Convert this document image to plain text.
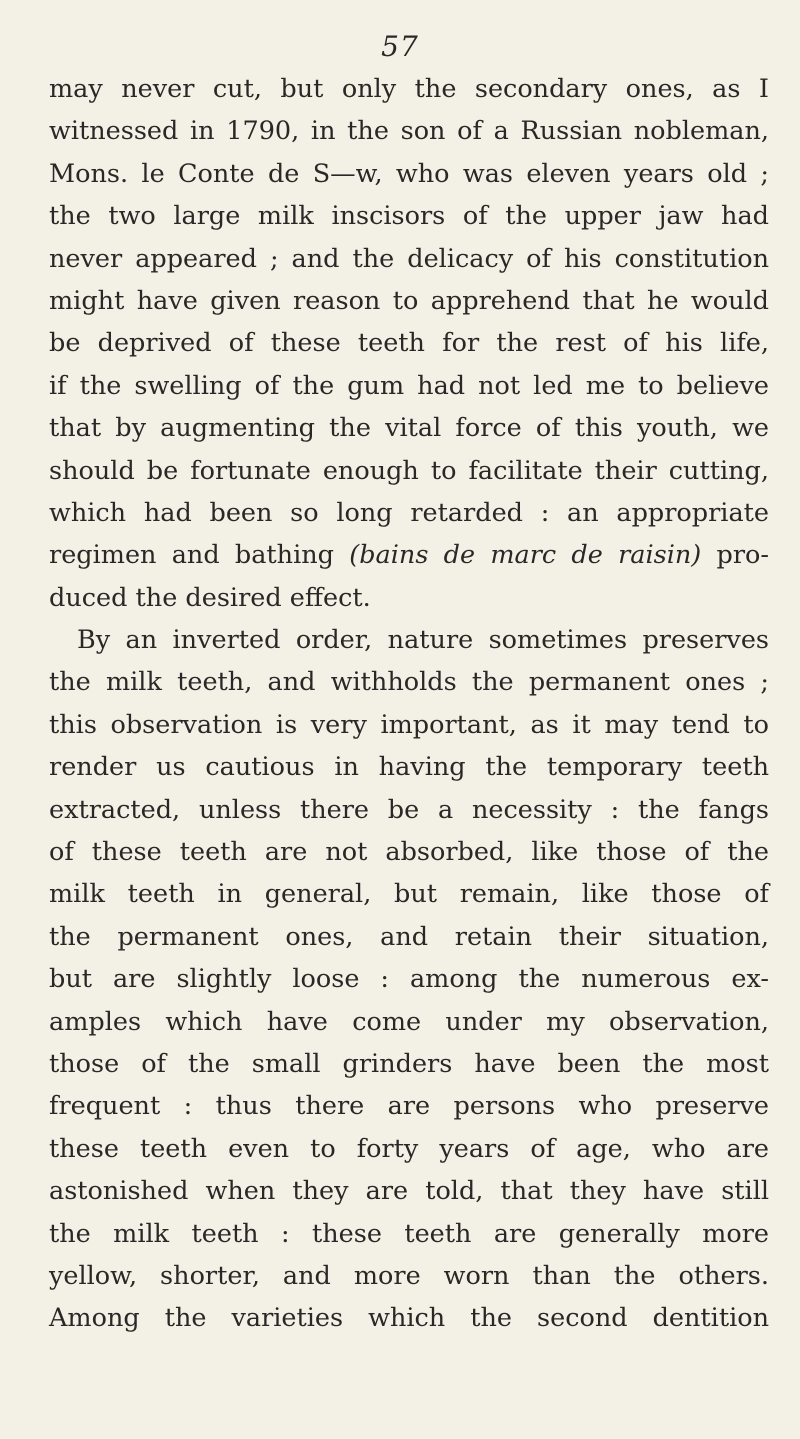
57
may never cut, but only the secondary ones, as I
witnessed in 1790, in the son of a Russian nobleman,
Mons. le Conte de S—w, who was eleven years old ;
the two large milk inscisors of the upper jaw had
never appeared ; and the delicacy of his constitution
might have given reason to apprehend that he would
be deprived of these teeth for the rest of his life,
if the swelling of the gum had not led me to believe
that by augmenting the vital force of this youth, we
should be fortunate enough to facilitate their cutting,
which had been so long retarded : an appropriate
regimen and bathing (bains de marc de raisin) pro-
duced the desired effect.
By an inverted order, nature sometimes preserves
the milk teeth, and withholds the permanent ones ;
this observation is very important, as it may tend to
render us cautious in having the temporary teeth
extracted, unless there be a necessity : the fangs
of these teeth are not absorbed, like those of the
milk teeth in general, but remain, like those of
the permanent ones, and retain their situation,
but are slightly loose : among the numerous ex-
amples which have come under my observation,
those of the small grinders have been the most
frequent : thus there are persons who preserve
these teeth even to forty years of age, who are
astonished when they are told, that they have still
the milk teeth : these teeth are generally more
yellow, shorter, and more worn than the others.
Among the varieties which the second dentition
